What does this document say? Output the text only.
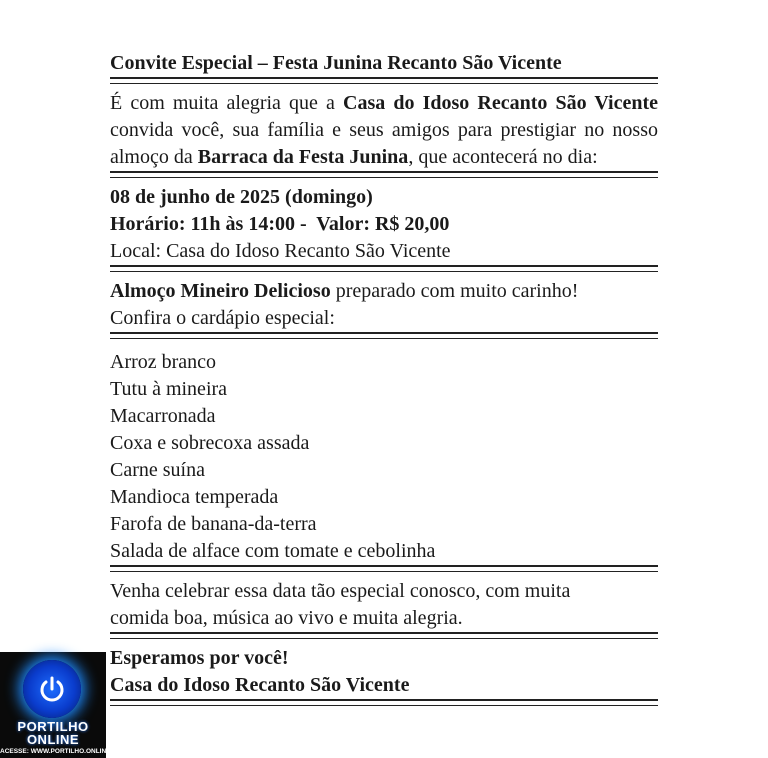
Convite Especial – Festa Junina Recanto São Vicente
É com muita alegria que a Casa do Idoso Recanto São Vicente convida você, sua família e seus amigos para prestigiar no nosso almoço da Barraca da Festa Junina, que acontecerá no dia:
08 de junho de 2025 (domingo)
Horário: 11h às 14:00 -  Valor: R$ 20,00
Local: Casa do Idoso Recanto São Vicente
Almoço Mineiro Delicioso preparado com muito carinho!
Confira o cardápio especial:
Arroz branco
Tutu à mineira
Macarronada
Coxa e sobrecoxa assada
Carne suína
Mandioca temperada
Farofa de banana-da-terra
Salada de alface com tomate e cebolinha
Venha celebrar essa data tão especial conosco, com muita
comida boa, música ao vivo e muita alegria.
Esperamos por você!
Casa do Idoso Recanto São Vicente
PORTILHO ONLINE
ACESSE: WWW.PORTILHO.ONLINE
